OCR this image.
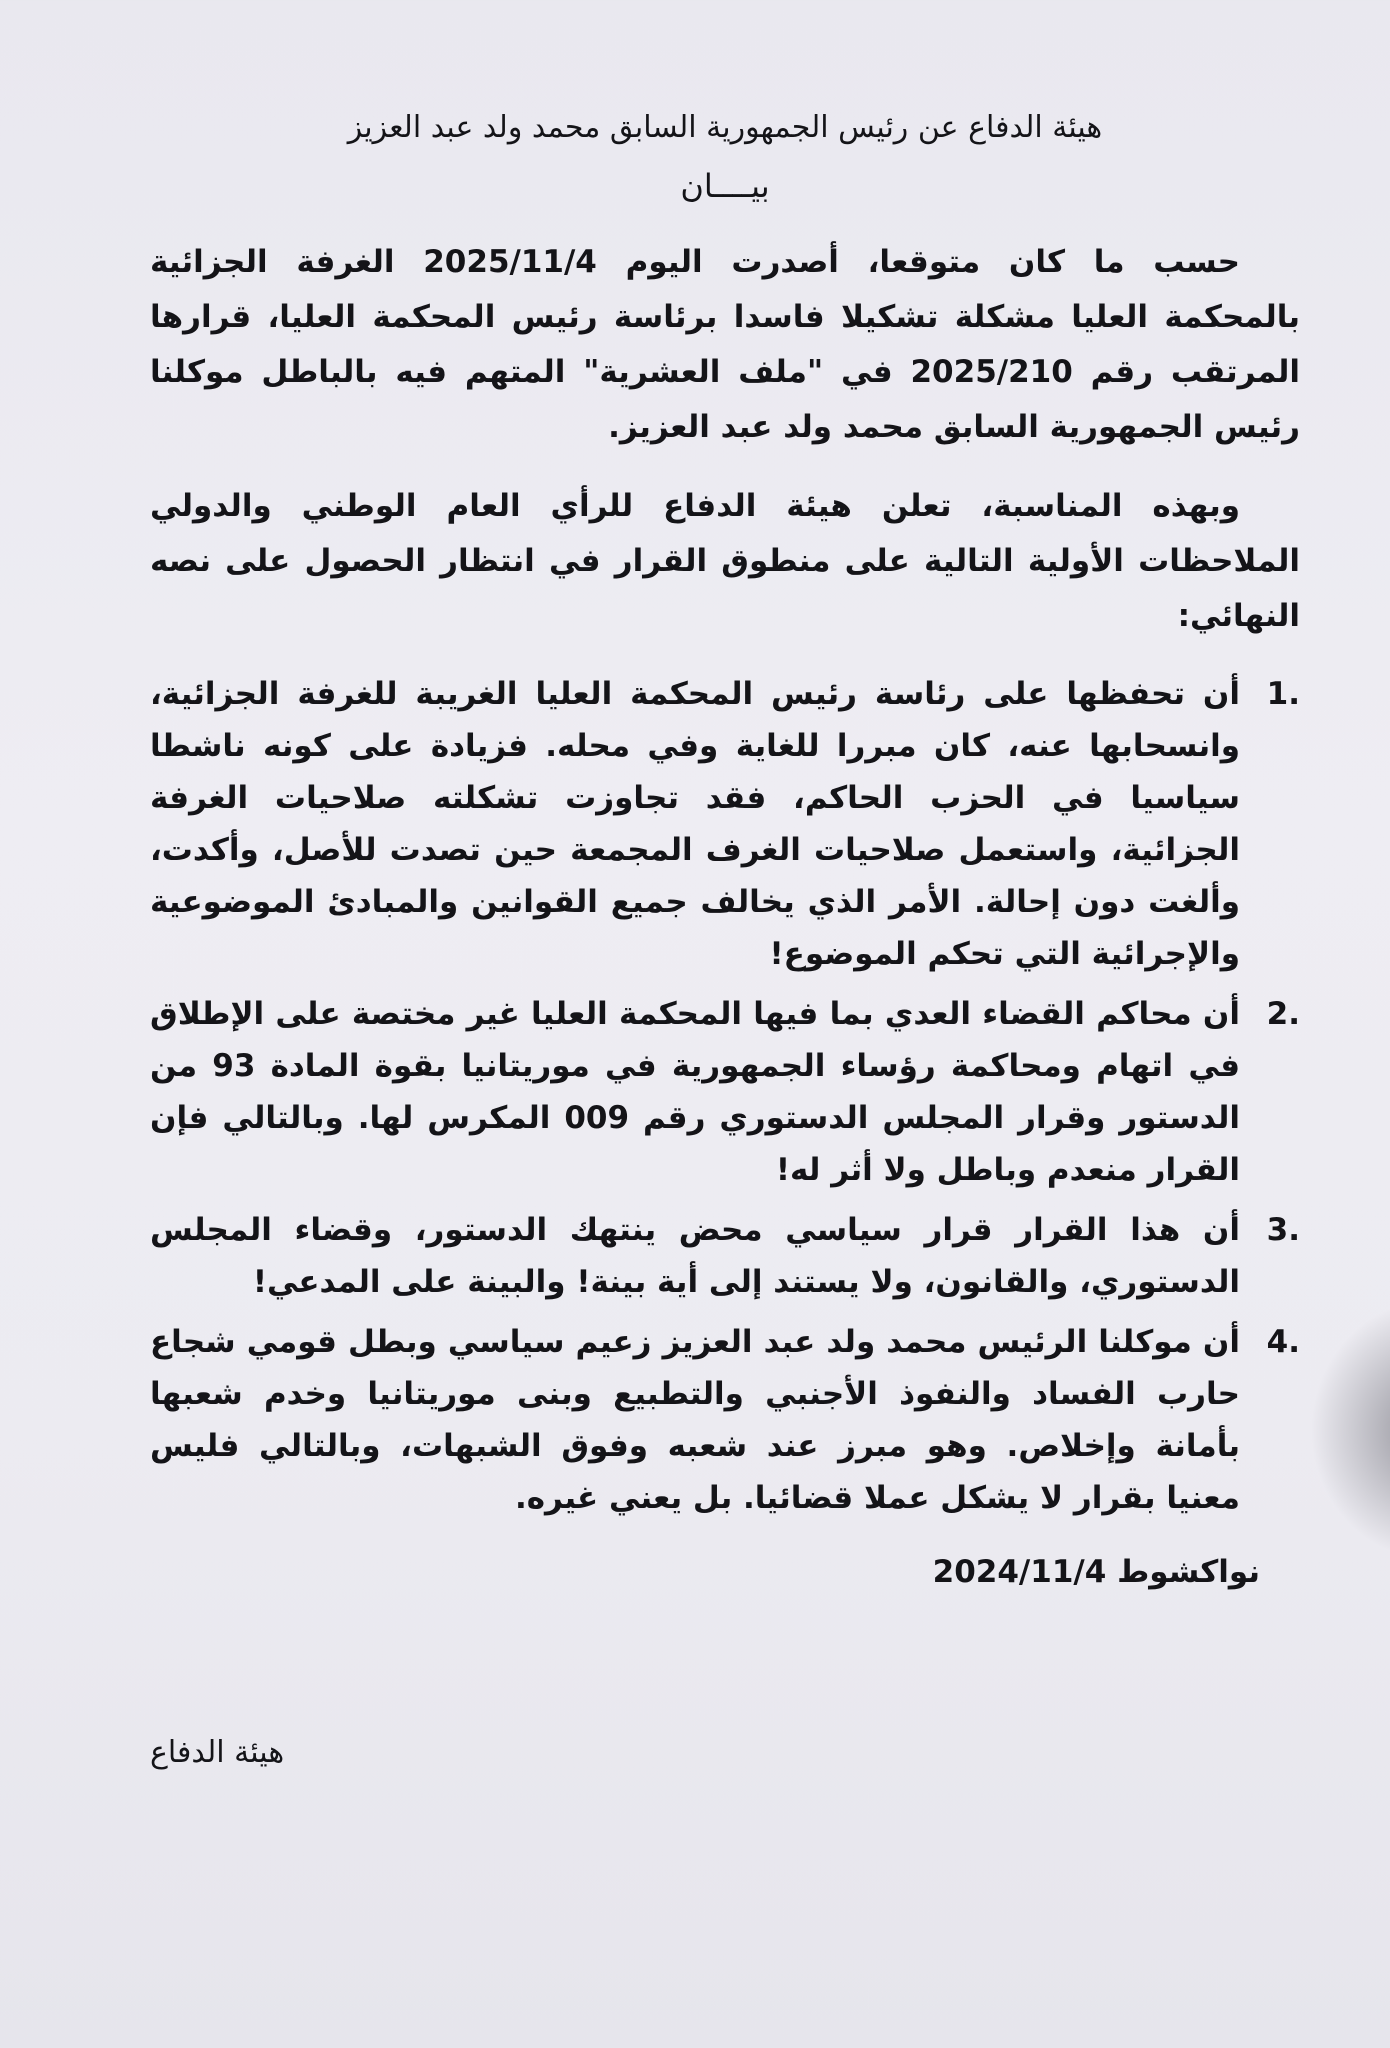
هيئة الدفاع عن رئيس الجمهورية السابق محمد ولد عبد العزيز
بيــــان

حسب ما كان متوقعا، أصدرت اليوم 2025/11/4 الغرفة الجزائية بالمحكمة العليا مشكلة تشكيلا فاسدا برئاسة رئيس المحكمة العليا، قرارها المرتقب رقم 2025/210 في "ملف العشرية" المتهم فيه بالباطل موكلنا رئيس الجمهورية السابق محمد ولد عبد العزيز.

وبهذه المناسبة، تعلن هيئة الدفاع للرأي العام الوطني والدولي الملاحظات الأولية التالية على منطوق القرار في انتظار الحصول على نصه النهائي:

1.
أن تحفظها على رئاسة رئيس المحكمة العليا الغريبة للغرفة الجزائية، وانسحابها عنه، كان مبررا للغاية وفي محله. فزيادة على كونه ناشطا سياسيا في الحزب الحاكم، فقد تجاوزت تشكلته صلاحيات الغرفة الجزائية، واستعمل صلاحيات الغرف المجمعة حين تصدت للأصل، وأكدت، وألغت دون إحالة. الأمر الذي يخالف جميع القوانين والمبادئ الموضوعية والإجرائية التي تحكم الموضوع!
2.
أن محاكم القضاء العدي بما فيها المحكمة العليا غير مختصة على الإطلاق في اتهام ومحاكمة رؤساء الجمهورية في موريتانيا بقوة المادة 93 من الدستور وقرار المجلس الدستوري رقم 009 المكرس لها. وبالتالي فإن القرار منعدم وباطل ولا أثر له!
3.
أن هذا القرار قرار سياسي محض ينتهك الدستور، وقضاء المجلس الدستوري، والقانون، ولا يستند إلى أية بينة! والبينة على المدعي!
4.
أن موكلنا الرئيس محمد ولد عبد العزيز زعيم سياسي وبطل قومي شجاع حارب الفساد والنفوذ الأجنبي والتطبيع وبنى موريتانيا وخدم شعبها بأمانة وإخلاص. وهو مبرز عند شعبه وفوق الشبهات، وبالتالي فليس معنيا بقرار لا يشكل عملا قضائيا. بل يعني غيره.
نواكشوط 2024/11/4
هيئة الدفاع
